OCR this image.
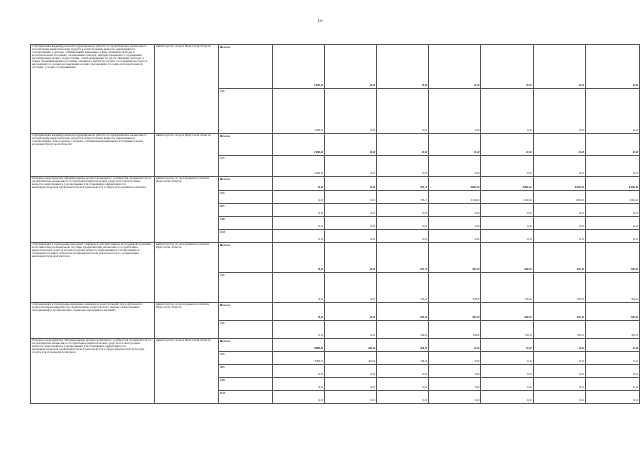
10
«Организация индивидуальной коррекционной работы по профилактике незаконного потребления наркотических средств и психотропных веществ, наркомании и токсикомании с детьми, отбывающими наказание в виде лишения свободы в воспитательных колониях, специальных школах, центрах временного содержания несовершеннолетних, подростками, освобожденными по месту лишения свободы, а также проживающими в условиях семейного неблагополучия, состоящими на учете в инспекциях по делам несовершеннолетних, инспекциях уголовно-исполнительной системы, условно осужденными»	министерство спорта Иркутской области	Всего	100,0	0,0	0,0	0,0	0,0	0,0	0,0
		ОБ	100,0	0,0	0,0	0,0	0,0	0,0	0,0
«Организация индивидуальной коррекционной работы по профилактике незаконного потребления наркотических средств и психотропных веществ, наркомании и токсикомании, алкоголизма с людьми, отбывающими наказание в исправительных колониях Иркутской области»	министерство спорта Иркутской области	Всего	100,0	0,0	0,0	0,0	0,0	0,0	0,0
		ОБ	100,0	0,0	0,0	0,0	0,0	0,0	0,0
Основное мероприятие «Формирование профессионального сообщества специалистов по профилактике незаконного потребления наркотических средств и психотропных веществ, наркомании и токсикомании для повышения эффективности антинаркотической профилактической деятельности в сфере молодежной политики»	министерство по молодежной политике Иркутской области	Всего	0,0	0,0	55,1	100,0	100,0	100,0	100,0
		ОБ	0,0	0,0	55,1	100,0	100,0	100,0	100,0
		ФБ	0,0	0,0	0,0	0,0	0,0	0,0	0,0
		МБ	0,0	0,0	0,0	0,0	0,0	0,0	0,0
		ИИ	0,0	0,0	0,0	0,0	0,0	0,0	0,0
«Организация и проведение выездных семинаров для работников молодежной политики, исполнителей региональной системы профилактики незаконного потребления наркотических средств и психотропных веществ, наркомании и токсикомании и специалистов иных субъектов профилактической деятельности по организации антинаркотической работы»	министерство по молодежной политике Иркутской области	Всего	0,0	0,0	25,5	50,0	50,0	50,0	50,0
		ОБ	0,0	0,0	25,5	50,0	50,0	50,0	50,0
«Организация и проведение выездных семинаров, консультаций для родителей по вопросам наркозависимости, привлечение родительского актива, общественных объединений к профилактике социально-негативных явлений»	министерство по молодежной политике Иркутской области	Всего	0,0	0,0	29,6	50,0	50,0	50,0	50,0
		ОБ	0,0	0,0	29,6	50,0	50,0	50,0	50,0
Основное мероприятие «Формирование профессионального сообщества специалистов по профилактике незаконного потребления наркотических средств и психотропных веществ, наркомании и токсикомании для повышения эффективности антинаркотической профилактической деятельности в сфере физической культуры, спорта и молодежной политики»	министерство спорта Иркутской области	Всего	380,0	40,0	34,9	0,0	0,0	0,0	0,0
		ОБ	380,0	40,0	34,9	0,0	0,0	0,0	0,0
		ФБ	0,0	0,0	0,0	0,0	0,0	0,0	0,0
		МБ	0,0	0,0	0,0	0,0	0,0	0,0	0,0
		ИИ	0,0	0,0	0,0	0,0	0,0	0,0	0,0
